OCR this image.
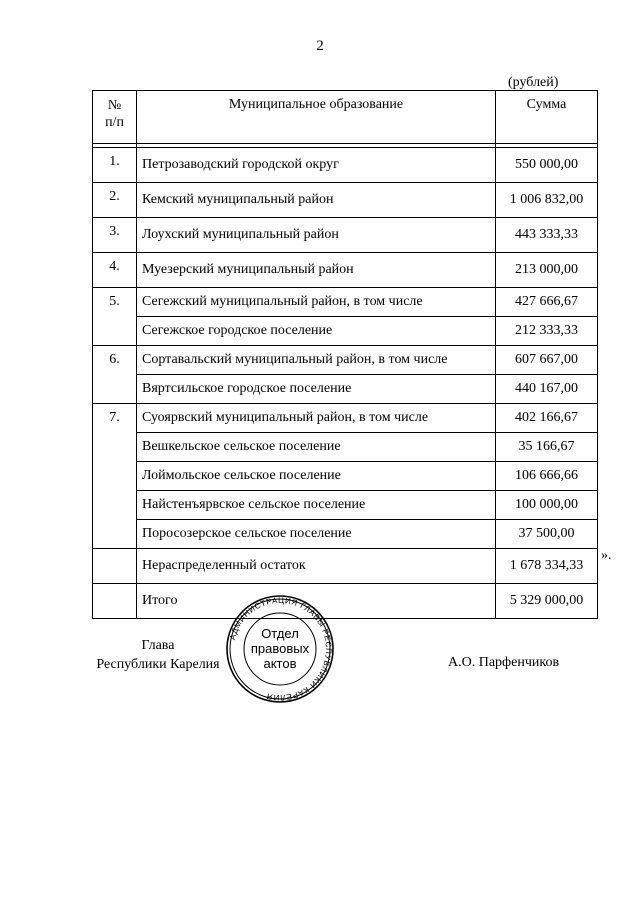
2
(рублей)
№
п/п	Муниципальное образование	Сумма

1.	Петрозаводский городской округ	550 000,00
2.	Кемский муниципальный район	1 006 832,00
3.	Лоухский муниципальный район	443 333,33
4.	Муезерский муниципальный район	213 000,00
5.	Сегежский муниципальный район, в том числе	427 666,67
	Сегежское городское поселение	212 333,33
6.	Сортавальский муниципальный район, в том числе	607 667,00
	Вяртсильское городское поселение	440 167,00
7.	Суоярвский муниципальный район, в том числе	402 166,67
	Вешкельское сельское поселение	35 166,67
	Лоймольское сельское поселение	106 666,66
	Найстенъярвское сельское поселение	100 000,00
	Поросозерское сельское поселение	37 500,00
	Нераспределенный остаток	1 678 334,33
	Итого	5 329 000,00
».
Глава
Республики Карелия	А.О. Парфенчиков
АДМИНИСТРАЦИЯ ГЛАВЫ РЕСПУБЛИКИ КАРЕЛИЯ
Отдел
правовых
актов
